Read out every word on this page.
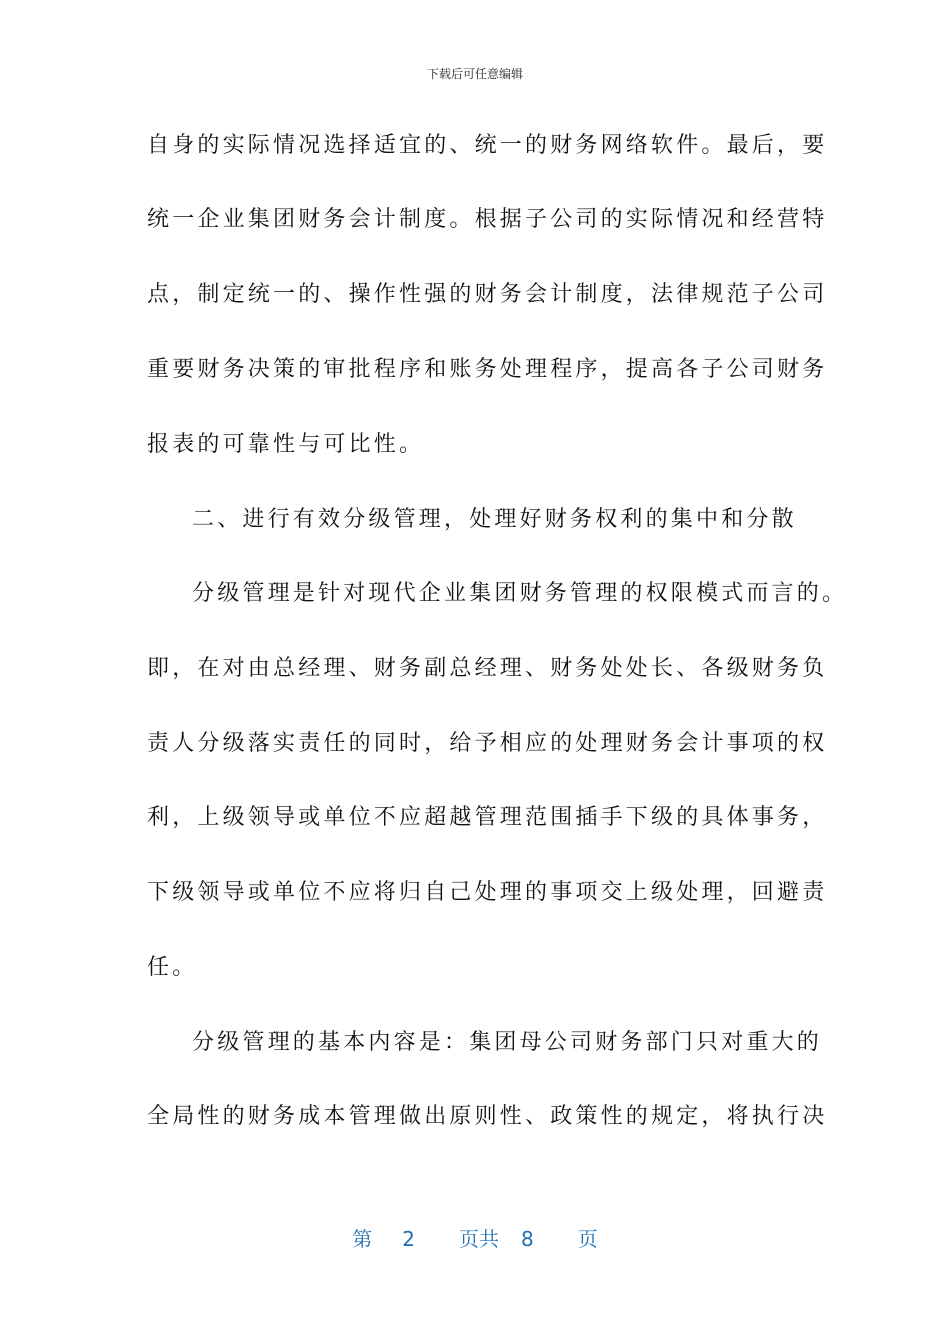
下载后可任意编辑
自身的实际情况选择适宜的、统一的财务网络软件。最后，要
统一企业集团财务会计制度。根据子公司的实际情况和经营特
点，制定统一的、操作性强的财务会计制度，法律规范子公司
重要财务决策的审批程序和账务处理程序，提高各子公司财务
报表的可靠性与可比性。
二、进行有效分级管理，处理好财务权利的集中和分散
分级管理是针对现代企业集团财务管理的权限模式而言的。
即，在对由总经理、财务副总经理、财务处处长、各级财务负
责人分级落实责任的同时，给予相应的处理财务会计事项的权
利，上级领导或单位不应超越管理范围插手下级的具体事务，
下级领导或单位不应将归自己处理的事项交上级处理，回避责
任。
分级管理的基本内容是：集团母公司财务部门只对重大的
全局性的财务成本管理做出原则性、政策性的规定，将执行决
第 2 页共 8 页
